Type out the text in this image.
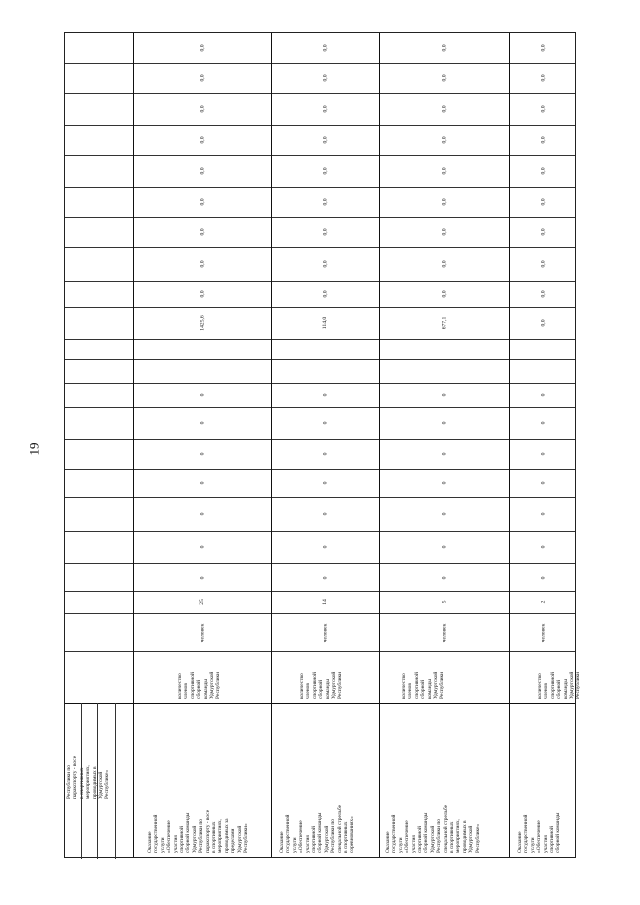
19
Республики по
паракспорту - восе
в спортивных
мероприятиях,
проводимых в
Удмуртской
Республике»
Оказание
государственной
услуги
«Обеспечение
участия
спортивной
сборной команды
Удмуртской
Республики по
паракспорту - восе
в спортивных
мероприятиях,
проводимых за
пределами
Удмуртской
Республики»
количество
членов
спортивной
сборной
команды
Удмуртской
Республики
человек
25
0
0
0
0
0
0
0
1425,6
0,0
0,0
0,0
0,0
0,0
0,0
0,0
0,0
0,0
Оказание
государственной
услуги
«Обеспечение
участия
спортивной
сборной команды
Удмуртской
Республики по
спецальной стрельбе
в спортивных
соревнованиях»
количество
членов
спортивной
сборной
команды
Удмуртской
Республики
человек
14
0
0
0
0
0
0
0
114,0
0,0
0,0
0,0
0,0
0,0
0,0
0,0
0,0
0,0
Оказание
государственной
услуги
«Обеспечение
участия
спортивной
сборной команды
Удмуртской
Республики по
спецальной стрельбе
в спортивных
мероприятиях,
проводимых в
Удмуртской
Республике»
количество
членов
спортивной
сборной
команды
Удмуртской
Республики
человек
5
0
0
0
0
0
0
0
677,1
0,0
0,0
0,0
0,0
0,0
0,0
0,0
0,0
0,0
Оказание
государственной
услуги
«Обеспечение
участия
спортивной
сборной команды
количество
членов
спортивной
сборной
команды
Удмуртской
Республики
человек
2
0
0
0
0
0
0
0
0,0
0,0
0,0
0,0
0,0
0,0
0,0
0,0
0,0
0,0
